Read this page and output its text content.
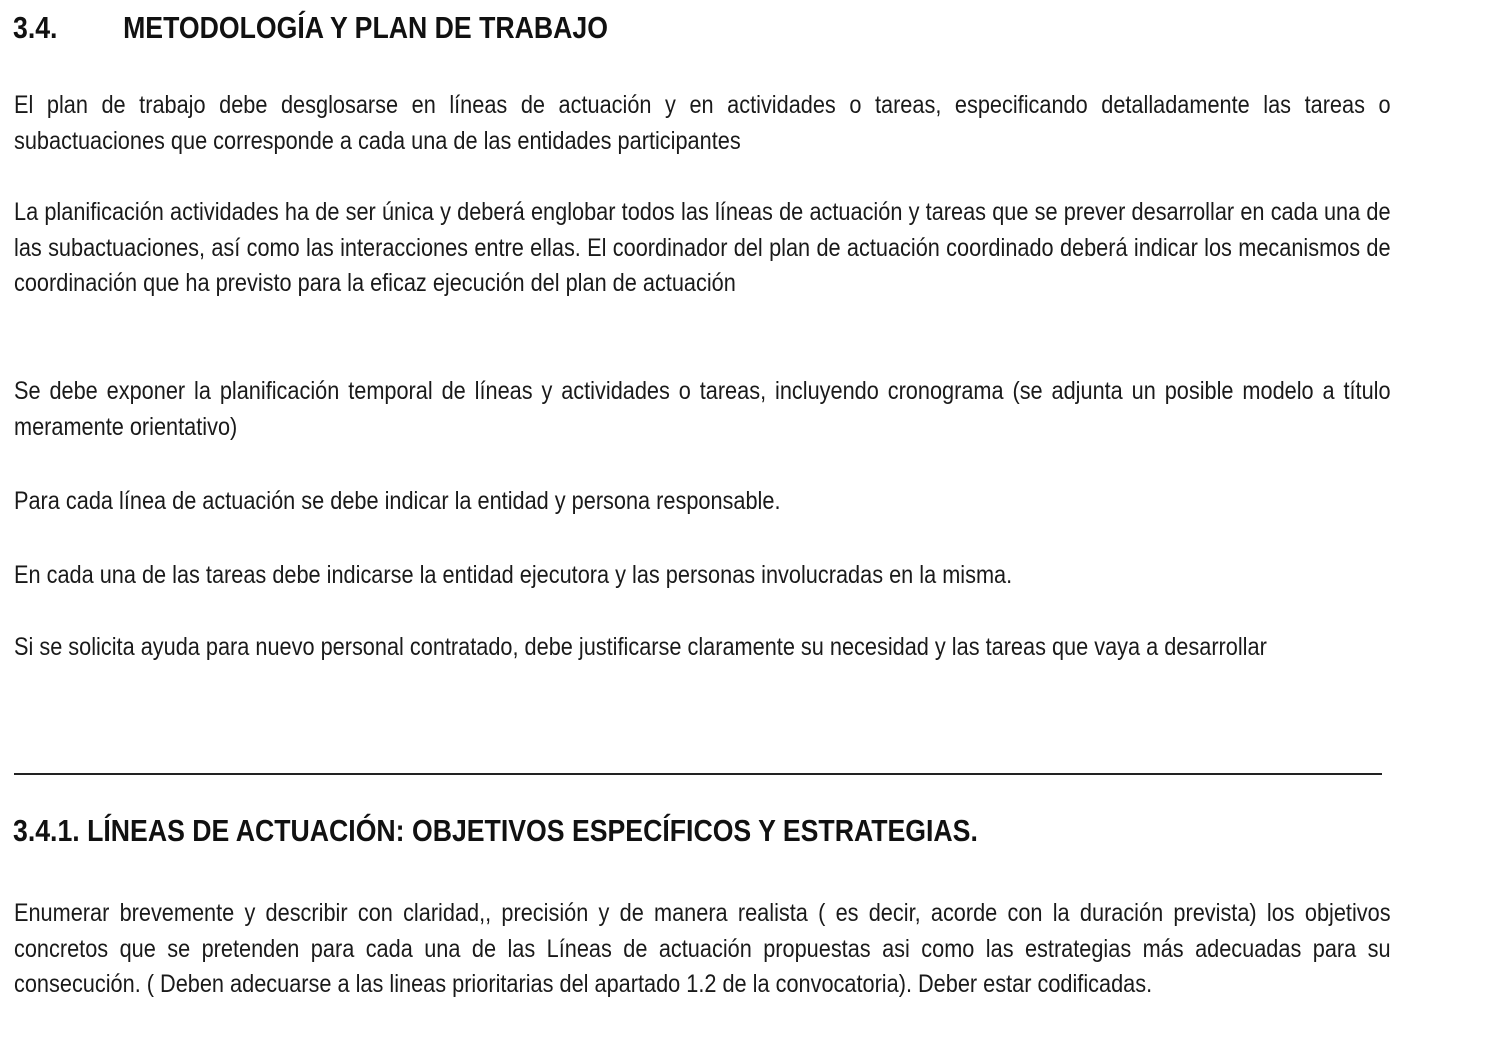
3.4. METODOLOGÍA Y PLAN DE TRABAJO

El plan de trabajo debe desglosarse en líneas de actuación y en actividades o tareas, especificando detalladamente las tareas o subactuaciones que corresponde a cada una de las entidades participantes

La planificación actividades ha de ser única y deberá englobar todos las líneas de actuación y tareas que se prever desarrollar en cada una de las subactuaciones, así como las interacciones entre ellas. El coordinador del plan de actuación coordinado deberá indicar los mecanismos de coordinación que ha previsto para la eficaz ejecución del plan de actuación

Se debe exponer la planificación temporal de líneas y actividades o tareas, incluyendo cronograma (se adjunta un posible modelo a título meramente orientativo)

Para cada línea de actuación se debe indicar la entidad y persona responsable.

En cada una de las tareas debe indicarse la entidad ejecutora y las personas involucradas en la misma.

Si se solicita ayuda para nuevo personal contratado, debe justificarse claramente su necesidad y las tareas que vaya a desarrollar

3.4.1. LÍNEAS DE ACTUACIÓN: OBJETIVOS ESPECÍFICOS Y ESTRATEGIAS.

Enumerar brevemente y describir con claridad,, precisión y de manera realista ( es decir, acorde con la duración prevista) los objetivos concretos que se pretenden para cada una de las Líneas de actuación propuestas asi como las estrategias más adecuadas para su consecución. ( Deben adecuarse a las lineas prioritarias del apartado 1.2 de la convocatoria). Deber estar codificadas.
